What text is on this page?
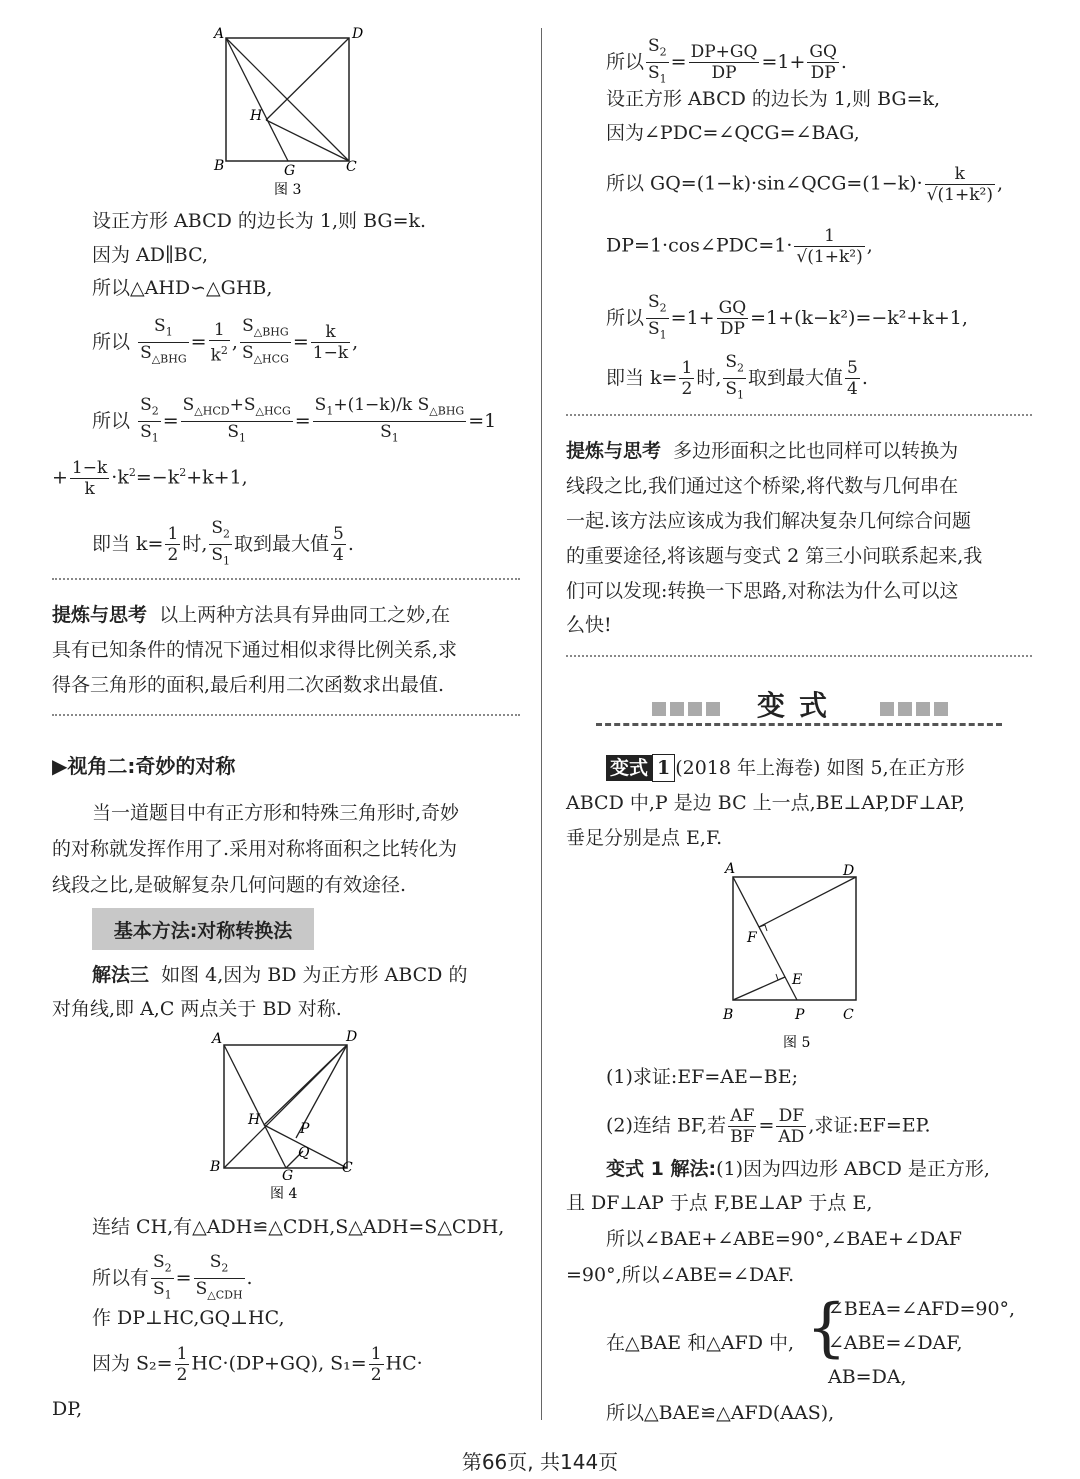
A	D
B	C
H
G
图 3
设正方形 ABCD 的边长为 1,则 BG=k.
因为 AD∥BC,
所以△AHD∽△GHB,
所以 $\frac{S_1}{S_{\triangle BHG}} = \frac{1}{k^2}$ , $\frac{S_{\triangle BHG}}{S_{\triangle HCG}} = \frac{k}{1-k}$ ,
所以 $\frac{S_2}{S_1} = \frac{S_{\triangle HCD}+S_{\triangle HCG}}{S_1} = \frac{S_1+(1-k)/k S_{\triangle BHG}}{S_1} =1$
+ $\frac{1-k}{k} \cdot k^2=-k^2+k+1$,
即当 $k= \frac{1}{2}$ 时, $\frac{S_2}{S_1}$ 取到最大值 $\frac{5}{4}$ .
提炼与思考 以上两种方法具有异曲同工之妙,在
具有已知条件的情况下通过相似求得比例关系,求
得各三角形的面积,最后利用二次函数求出最值.
▶视角二:奇妙的对称
当一道题目中有正方形和特殊三角形时,奇妙
的对称就发挥作用了.采用对称将面积之比转化为
线段之比,是破解复杂几何问题的有效途径.
基本方法:对称转换法
解法三 如图 4,因为 BD 为正方形 ABCD 的
对角线,即 A,C 两点关于 BD 对称.
A	D
B	C
H
P
Q
G
图 4
连结 CH,有△ADH≌△CDH,S△ADH=S△CDH,
所以有 $\frac{S_2}{S_1} = \frac{S_2}{S_{\triangle CDH}}$ .
作 DP⊥HC,GQ⊥HC,
因为 $S_2= \frac{1}{2} HC\cdot(DP+GQ)$, $S_1= \frac{1}{2} HC\cdot$
DP,
所以 $\frac{S_2}{S_1} = \frac{DP+GQ}{DP} =1+ \frac{GQ}{DP}$ .
设正方形 ABCD 的边长为 1,则 BG=k,
因为∠PDC=∠QCG=∠BAG,
所以 GQ=(1−k)·sin∠QCG=(1−k)· $\frac{k}{\text{√(1+k²)}}$ ,
DP=1·cos∠PDC=1· $\frac{1}{\text{√(1+k²)}}$ ,
所以 $\frac{S_2}{S_1} =1+ \frac{GQ}{DP} =1+(k-k^2)=-k^2+k+1$,
即当 $k= \frac{1}{2}$ 时, $\frac{S_2}{S_1}$ 取到最大值 $\frac{5}{4}$ .
提炼与思考 多边形面积之比也同样可以转换为
线段之比,我们通过这个桥梁,将代数与几何串在
一起.该方法应该成为我们解决复杂几何综合问题
的重要途径,将该题与变式 2 第三小问联系起来,我
们可以发现:转换一下思路,对称法为什么可以这
么快!
变式
变式 1 (2018 年上海卷) 如图 5,在正方形
ABCD 中,P 是边 BC 上一点,BE⊥AP,DF⊥AP,
垂足分别是点 E,F.
A	D
B	C
F
E
P
图 5
(1)求证:EF=AE−BE;
(2)连结 BF,若 $\frac{AF}{BF} = \frac{DF}{AD}$ ,求证:EF=EP.
变式 1 解法:(1)因为四边形 ABCD 是正方形,
且 DF⊥AP 于点 F,BE⊥AP 于点 E,
所以∠BAE+∠ABE=90°,∠BAE+∠DAF
=90°,所以∠ABE=∠DAF.
在△BAE 和△AFD 中, {
∠BEA=∠AFD=90°,
∠ABE=∠DAF,
AB=DA,
所以△BAE≌△AFD(AAS),
第66页, 共144页
